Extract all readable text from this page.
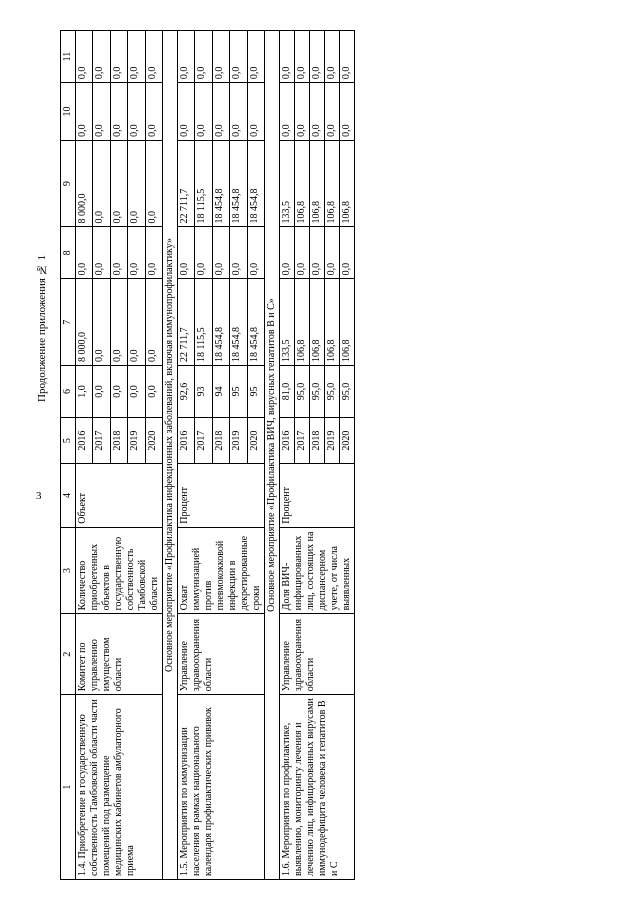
3
Продолжение приложения № 1
1	2	3	4	5	6	7	8	9	10	11
1.4. Приобретение в государственную собственность Тамбовской области части помещений под размещение медицинских кабинетов амбулаторного приема	Комитет по управлению имуществом области	Количество приобретенных объектов в государственную собственность Тамбовской области	Объект	2016	1,0	8 000,0	0,0	8 000,0	0,0	0,0
				2017	0,0	0,0	0,0	0,0	0,0	0,0
				2018	0,0	0,0	0,0	0,0	0,0	0,0
				2019	0,0	0,0	0,0	0,0	0,0	0,0
				2020	0,0	0,0	0,0	0,0	0,0	0,0
Основное мероприятие «Профилактика инфекционных заболеваний, включая иммунопрофилактику»										
1.5. Мероприятия по иммунизации населения в рамках национального календаря профилактических прививок	Управление здравоохранения области	Охват иммунизацией против пневмококковой инфекции в декретированные сроки	Процент	2016	92,6	22 711,7	0,0	22 711,7	0,0	0,0
				2017	93	18 115,5	0,0	18 115,5	0,0	0,0
				2018	94	18 454,8	0,0	18 454,8	0,0	0,0
				2019	95	18 454,8	0,0	18 454,8	0,0	0,0
				2020	95	18 454,8	0,0	18 454,8	0,0	0,0
Основное мероприятие «Профилактика ВИЧ, вирусных гепатитов В и С»										
1.6. Мероприятия по профилактике, выявлению, мониторингу лечения и лечению лиц, инфицированных вирусами иммунодефицита человека и гепатитов В и С	Управление здравоохранения области	Доля ВИЧ-инфицированных лиц, состоящих на диспансерном учете, от числа выявленных	Процент	2016	81,0	133,5	0,0	133,5	0,0	0,0
				2017	95,0	106,8	0,0	106,8	0,0	0,0
				2018	95,0	106,8	0,0	106,8	0,0	0,0
				2019	95,0	106,8	0,0	106,8	0,0	0,0
				2020	95,0	106,8	0,0	106,8	0,0	0,0
